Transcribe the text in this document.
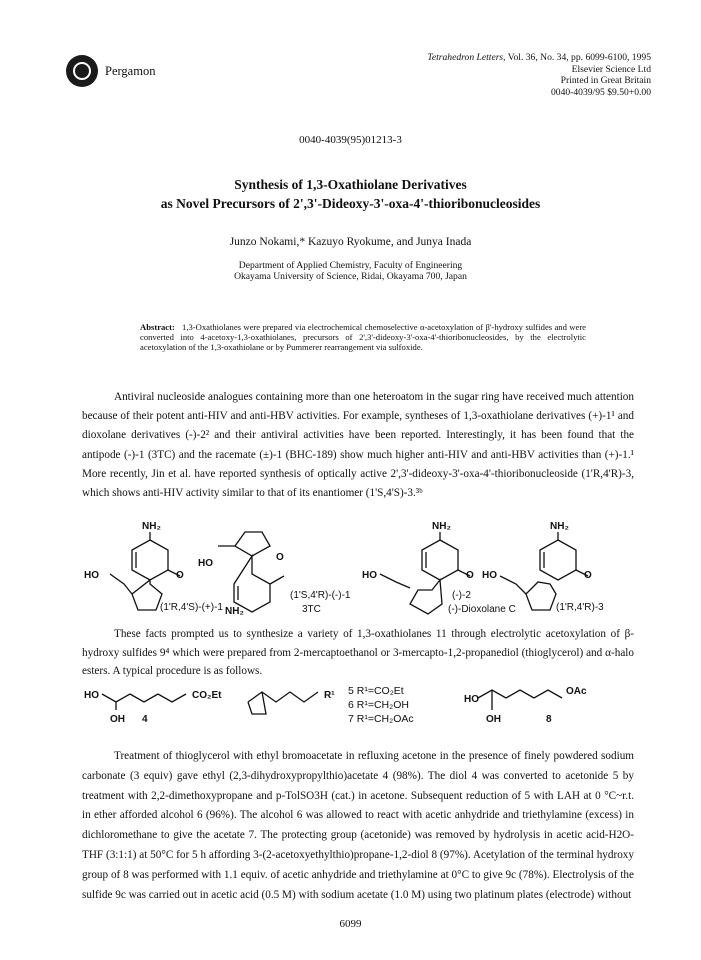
Pergamon
Tetrahedron Letters, Vol. 36, No. 34, pp. 6099-6100, 1995
Elsevier Science Ltd
Printed in Great Britain
0040-4039/95 $9.50+0.00
0040-4039(95)01213-3
Synthesis of 1,3-Oxathiolane Derivatives
as Novel Precursors of 2',3'-Dideoxy-3'-oxa-4'-thioribonucleosides
Junzo Nokami,* Kazuyo Ryokume, and Junya Inada
Department of Applied Chemistry, Faculty of Engineering
Okayama University of Science, Ridai, Okayama 700, Japan
Abstract: 1,3-Oxathiolanes were prepared via electrochemical chemoselective α-acetoxylation of β'-hydroxy sulfides and were converted into 4-acetoxy-1,3-oxathiolanes, precursors of 2',3'-dideoxy-3'-oxa-4'-thioribonucleosides, by the electrolytic acetoxylation of the 1,3-oxathiolane or by Pummerer rearrangement via sulfoxide.
Antiviral nucleoside analogues containing more than one heteroatom in the sugar ring have received much attention because of their potent anti-HIV and anti-HBV activities. For example, syntheses of 1,3-oxathiolane derivatives (+)-1¹ and dioxolane derivatives (-)-2² and their antiviral activities have been reported. Interestingly, it has been found that the antipode (-)-1 (3TC) and the racemate (±)-1 (BHC-189) show much higher anti-HIV and anti-HBV activities than (+)-1.¹ More recently, Jin et al. have reported synthesis of optically active 2',3'-dideoxy-3'-oxa-4'-thioribonucleoside (1'R,4'R)-3, which shows anti-HIV activity similar to that of its enantiomer (1'S,4'S)-3.³ᵇ
NH₂
O
HO
HO
O
NH₂
NH₂
O
HO
NH₂
O
HO
(1'R,4'S)-(+)-1
(1'S,4'R)-(-)-1
3TC
(-)-2
(-)-Dioxolane C	(1'R,4'R)-3
These facts prompted us to synthesize a variety of 1,3-oxathiolanes 11 through electrolytic acetoxylation of β-hydroxy sulfides 9⁴ which were prepared from 2-mercaptoethanol or 3-mercapto-1,2-propanediol (thioglycerol) and α-halo esters. A typical procedure is as follows.
HO
OH
CO₂Et
4
R¹	HO
OH
OAc
8
5 R¹=CO₂Et
6 R¹=CH₂OH
7 R¹=CH₂OAc
Treatment of thioglycerol with ethyl bromoacetate in refluxing acetone in the presence of finely powdered sodium carbonate (3 equiv) gave ethyl (2,3-dihydroxypropylthio)acetate 4 (98%). The diol 4 was converted to acetonide 5 by treatment with 2,2-dimethoxypropane and p-TolSO3H (cat.) in acetone. Subsequent reduction of 5 with LAH at 0 °C~r.t. in ether afforded alcohol 6 (96%). The alcohol 6 was allowed to react with acetic anhydride and triethylamine (excess) in dichloromethane to give the acetate 7. The protecting group (acetonide) was removed by hydrolysis in acetic acid-H2O-THF (3:1:1) at 50°C for 5 h affording 3-(2-acetoxyethylthio)propane-1,2-diol 8 (97%). Acetylation of the terminal hydroxy group of 8 was performed with 1.1 equiv. of acetic anhydride and triethylamine at 0°C to give 9c (78%). Electrolysis of the sulfide 9c was carried out in acetic acid (0.5 M) with sodium acetate (1.0 M) using two platinum plates (electrode) without
6099
